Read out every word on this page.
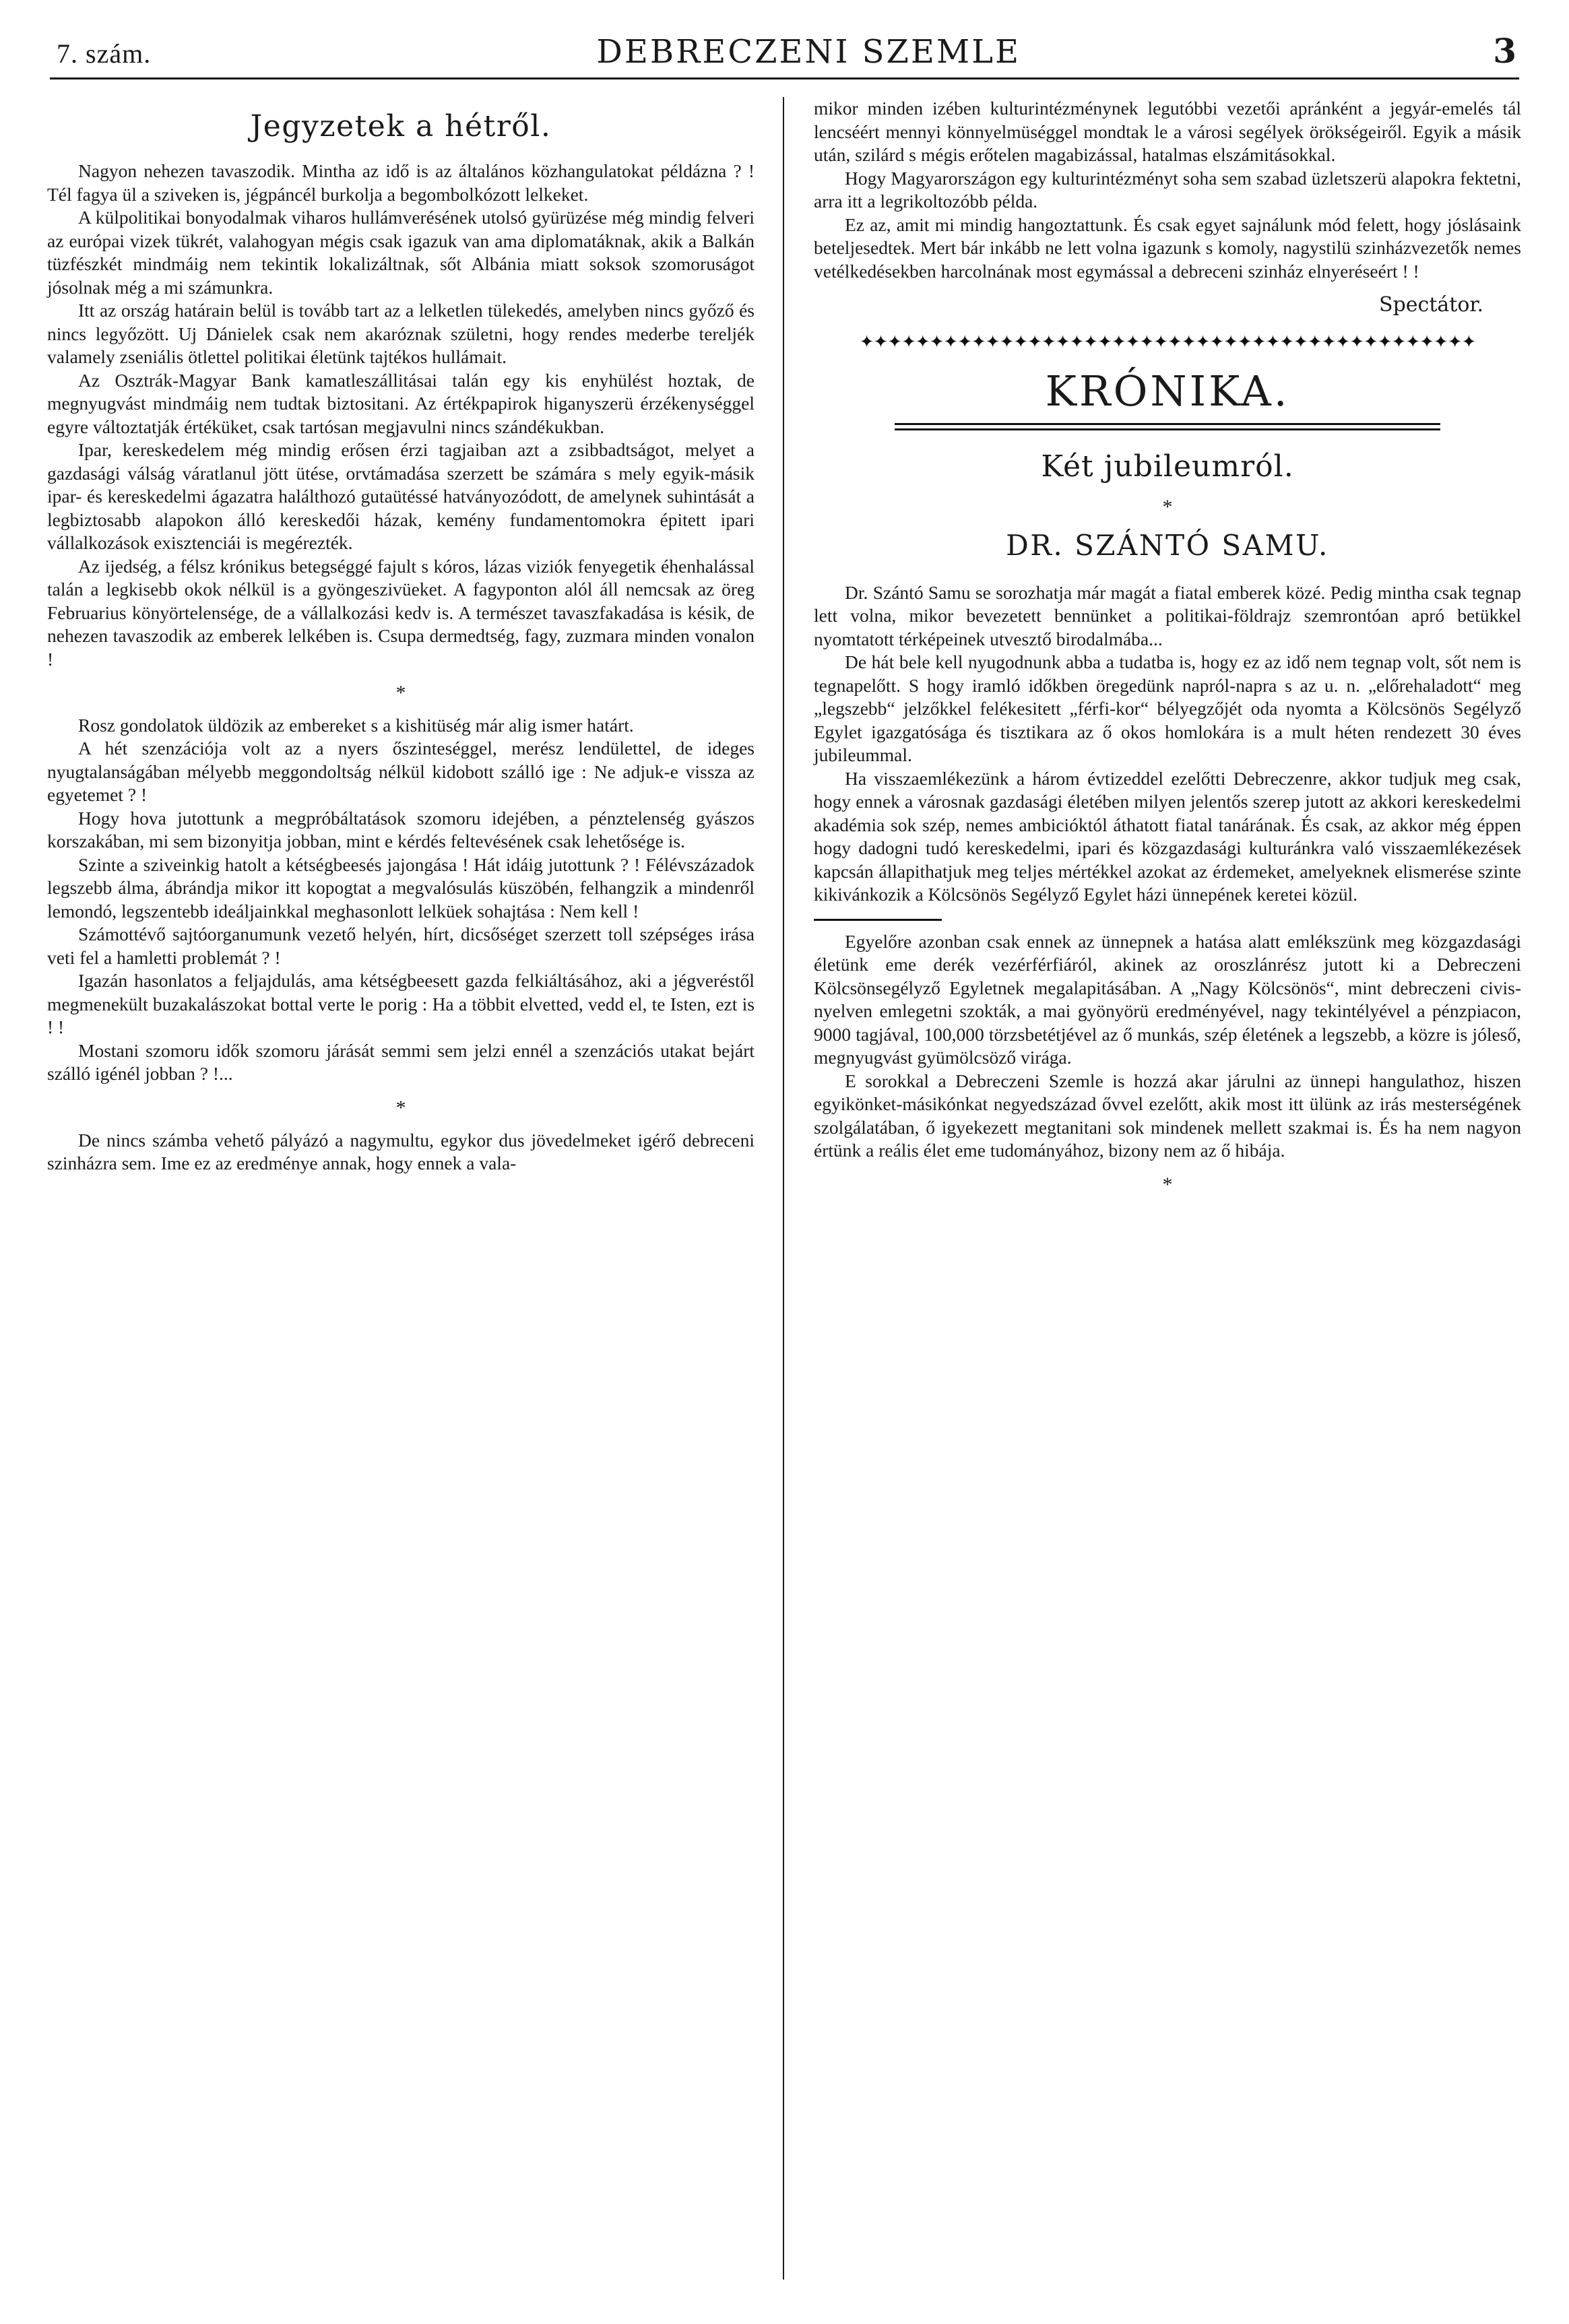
7. szám.	DEBRECZENI SZEMLE	3
Jegyzetek a hétről.

Nagyon nehezen tavaszodik. Mintha az idő is az általános közhangulatokat példázna ? ! Tél fagya ül a sziveken is, jégpáncél burkolja a begombolkózott lelkeket.

A külpolitikai bonyodalmak viharos hullámverésének utolsó gyürüzése még mindig felveri az európai vizek tükrét, valahogyan mégis csak igazuk van ama diplomatáknak, akik a Balkán tüzfészkét mindmáig nem tekintik lokalizáltnak, sőt Albánia miatt soksok szomoruságot jósolnak még a mi számunkra.

Itt az ország határain belül is tovább tart az a lelketlen tülekedés, amelyben nincs győző és nincs legyőzött. Uj Dánielek csak nem akaróznak születni, hogy rendes mederbe tereljék valamely zseniális ötlettel politikai életünk tajtékos hullámait.

Az Osztrák-Magyar Bank kamatleszállitásai talán egy kis enyhülést hoztak, de megnyugvást mindmáig nem tudtak biztositani. Az értékpapirok higanyszerü érzékenységgel egyre változtatják értéküket, csak tartósan megjavulni nincs szándékukban.

Ipar, kereskedelem még mindig erősen érzi tagjaiban azt a zsibbadtságot, melyet a gazdasági válság váratlanul jött ütése, orvtámadása szerzett be számára s mely egyik-másik ipar- és kereskedelmi ágazatra halálthozó gutaütéssé hatványozódott, de amelynek suhintását a legbiztosabb alapokon álló kereskedői házak, kemény fundamentomokra épitett ipari vállalkozások exisztenciái is megérezték.

Az ijedség, a félsz krónikus betegséggé fajult s kóros, lázas viziók fenyegetik éhenhalással talán a legkisebb okok nélkül is a gyöngeszivüeket. A fagyponton alól áll nemcsak az öreg Februarius könyörtelensége, de a vállalkozási kedv is. A természet tavaszfakadása is késik, de nehezen tavaszodik az emberek lelkében is. Csupa dermedtség, fagy, zuzmara minden vonalon !

*

Rosz gondolatok üldözik az embereket s a kishitüség már alig ismer határt.

A hét szenzációja volt az a nyers őszinteséggel, merész lendülettel, de ideges nyugtalanságában mélyebb meggondoltság nélkül kidobott szálló ige : Ne adjuk-e vissza az egyetemet ? !

Hogy hova jutottunk a megpróbáltatások szomoru idejében, a pénztelenség gyászos korszakában, mi sem bizonyitja jobban, mint e kérdés feltevésének csak lehetősége is.

Szinte a sziveinkig hatolt a kétségbeesés jajongása ! Hát idáig jutottunk ? ! Félévszázadok legszebb álma, ábrándja mikor itt kopogtat a megvalósulás küszöbén, felhangzik a mindenről lemondó, legszentebb ideáljainkkal meghasonlott lelküek sohajtása : Nem kell !

Számottévő sajtóorganumunk vezető helyén, hírt, dicsőséget szerzett toll szépséges irása veti fel a hamletti problemát ? !

Igazán hasonlatos a feljajdulás, ama kétségbeesett gazda felkiáltásához, aki a jégveréstől megmenekült buzakalászokat bottal verte le porig : Ha a többit elvetted, vedd el, te Isten, ezt is ! !

Mostani szomoru idők szomoru járását semmi sem jelzi ennél a szenzációs utakat bejárt szálló igénél jobban ? !...

*

De nincs számba vehető pályázó a nagymultu, egykor dus jövedelmeket igérő debreceni szinházra sem. Ime ez az eredménye annak, hogy ennek a vala-

mikor minden izében kulturintézménynek legutóbbi vezetői apránként a jegyár-emelés tál lencséért mennyi könnyelmüséggel mondtak le a városi segélyek örökségeiről. Egyik a másik után, szilárd s mégis erőtelen magabizással, hatalmas elszámitásokkal.

Hogy Magyarországon egy kulturintézményt soha sem szabad üzletszerü alapokra fektetni, arra itt a legrikoltozóbb példa.

Ez az, amit mi mindig hangoztattunk. És csak egyet sajnálunk mód felett, hogy jóslásaink beteljesedtek. Mert bár inkább ne lett volna igazunk s komoly, nagystilü szinházvezetők nemes vetélkedésekben harcolnának most egymással a debreceni szinház elnyeréseért ! !

Spectátor.
✦✦✦✦✦✦✦✦✦✦✦✦✦✦✦✦✦✦✦✦✦✦✦✦✦✦✦✦✦✦✦✦✦✦✦✦✦✦✦✦✦✦✦✦
KRÓNIKA.
Két jubileumról.
*
DR. SZÁNTÓ SAMU.

Dr. Szántó Samu se sorozhatja már magát a fiatal emberek közé. Pedig mintha csak tegnap lett volna, mikor bevezetett bennünket a politikai-földrajz szemrontóan apró betükkel nyomtatott térképeinek utvesztő birodalmába...

De hát bele kell nyugodnunk abba a tudatba is, hogy ez az idő nem tegnap volt, sőt nem is tegnapelőtt. S hogy iramló időkben öregedünk napról-napra s az u. n. „előrehaladott“ meg „legszebb“ jelzőkkel felékesitett „férfi-kor“ bélyegzőjét oda nyomta a Kölcsönös Segélyző Egylet igazgatósága és tisztikara az ő okos homlokára is a mult héten rendezett 30 éves jubileummal.

Ha visszaemlékezünk a három évtizeddel ezelőtti Debreczenre, akkor tudjuk meg csak, hogy ennek a városnak gazdasági életében milyen jelentős szerep jutott az akkori kereskedelmi akadémia sok szép, nemes ambicióktól áthatott fiatal tanárának. És csak, az akkor még éppen hogy dadogni tudó kereskedelmi, ipari és közgazdasági kulturánkra való visszaemlékezések kapcsán állapithatjuk meg teljes mértékkel azokat az érdemeket, amelyeknek elismerése szinte kikivánkozik a Kölcsönös Segélyző Egylet házi ünnepének keretei közül.

Egyelőre azonban csak ennek az ünnepnek a hatása alatt emlékszünk meg közgazdasági életünk eme derék vezérférfiáról, akinek az oroszlánrész jutott ki a Debreczeni Kölcsönsegélyző Egyletnek megalapitásában. A „Nagy Kölcsönös“, mint debreczeni civis-nyelven emlegetni szokták, a mai gyönyörü eredményével, nagy tekintélyével a pénzpiacon, 9000 tagjával, 100,000 törzsbetétjével az ő munkás, szép életének a legszebb, a közre is jóleső, megnyugvást gyümölcsöző virága.

E sorokkal a Debreczeni Szemle is hozzá akar járulni az ünnepi hangulathoz, hiszen egyikönket-másikónkat negyedszázad ővvel ezelőtt, akik most itt ülünk az irás mesterségének szolgálatában, ő igyekezett megtanitani sok mindenek mellett szakmai is. És ha nem nagyon értünk a reális élet eme tudományához, bizony nem az ő hibája.

*
